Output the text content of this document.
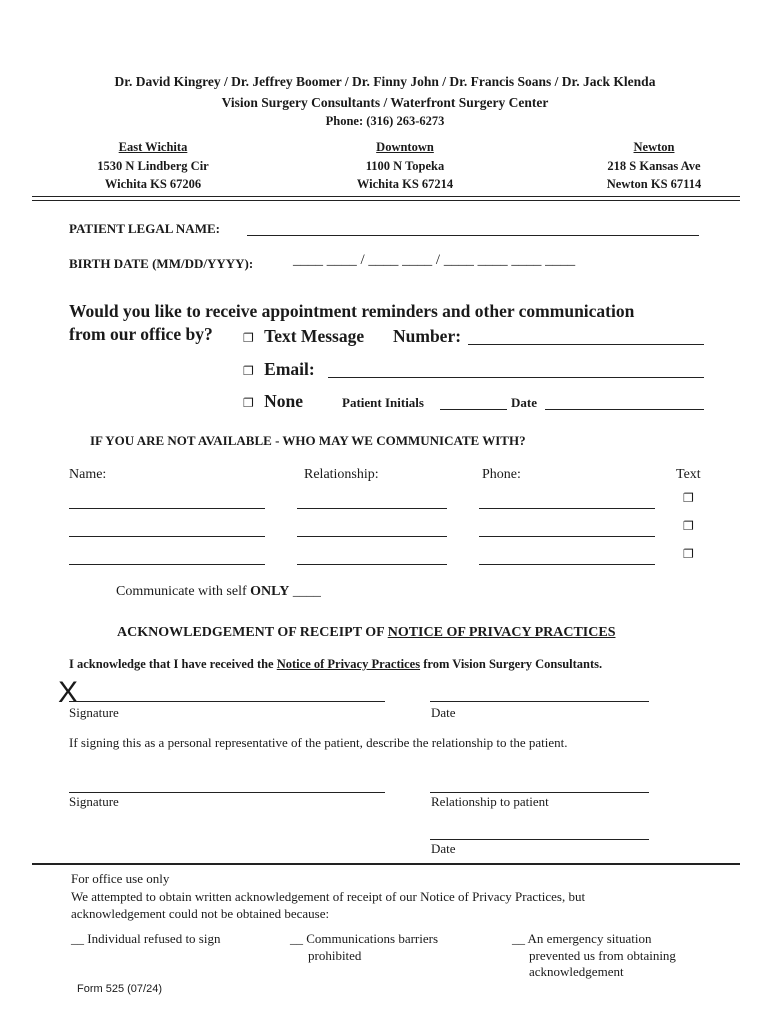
Dr. David Kingrey / Dr. Jeffrey Boomer / Dr. Finny John / Dr. Francis Soans / Dr. Jack Klenda
Vision Surgery Consultants / Waterfront Surgery Center
Phone: (316) 263-6273
East Wichita
1530 N Lindberg Cir
Wichita KS 67206
Downtown
1100 N Topeka
Wichita KS 67214
Newton
218 S Kansas Ave
Newton KS 67114
PATIENT LEGAL NAME:
BIRTH DATE (MM/DD/YYYY):	____ ____ / ____ ____ / ____ ____ ____ ____
Would you like to receive appointment reminders and other communication
from our office by?	❐ Text Message Number:
❐ Email:
❐ None	Patient Initials	Date
IF YOU ARE NOT AVAILABLE - WHO MAY WE COMMUNICATE WITH?
Name:	Relationship:	Phone:	Text
❐
❐
❐
Communicate with self ONLY ____
ACKNOWLEDGEMENT OF RECEIPT OF NOTICE OF PRIVACY PRACTICES
I acknowledge that I have received the Notice of Privacy Practices from Vision Surgery Consultants.
X
Signature	Date
If signing this as a personal representative of the patient, describe the relationship to the patient.
Signature	Relationship to patient
Date
For office use only
We attempted to obtain written acknowledgement of receipt of our Notice of Privacy Practices, but
acknowledgement could not be obtained because:
__ Individual refused to sign	__ Communications barriers
prohibited
__ An emergency situation
prevented us from obtaining
acknowledgement
Form 525 (07/24)
